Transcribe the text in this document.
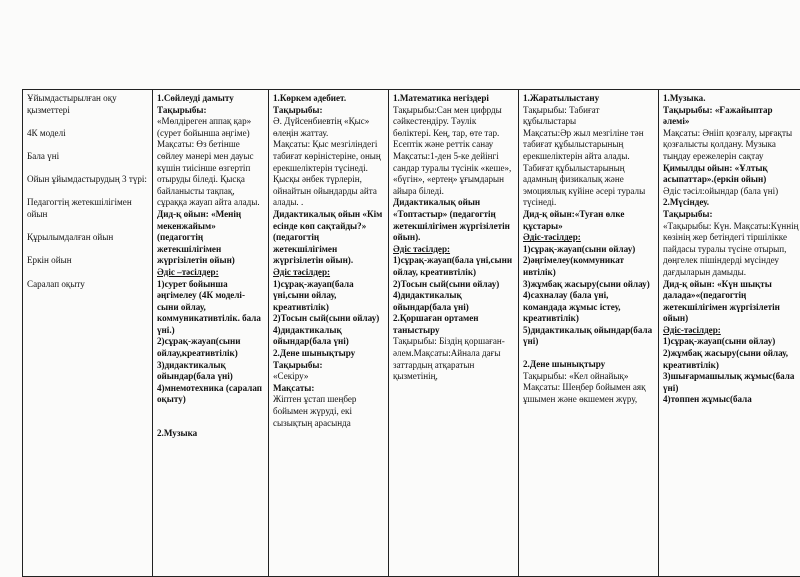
Ұйымдастырылған оқу қызметтері
4К моделі
Бала үні
Ойын ұйымдастырудың 3 түрі:
Педагогтің жетекшілігімен ойын
Құрылымдалған ойын
Еркін ойын
Саралап оқыту

1.Сөйлеуді дамыту
Тақырыбы:
«Мөлдіреген аппақ қар» (сурет бойынша әңгіме)
Мақсаты: Өз бетінше сөйлеу мәнері мен дауыс күшін тиісінше өзгертіп отыруды біледі. Қысқа байланысты тақпақ, сұраққа жауап айта алады.
Дид-қ ойын: «Менің мекенжайым» (педагогтің жетекшілігімен жүргізілетін ойын)
Әдіс –тәсілдер:
1)сурет бойынша әңгімелеу (4К моделі-сыни ойлау, коммуникативтілік. бала үні.)
2)сұрақ-жауап(сыни ойлау,креативтілік)
3)дидактикалық ойындар(бала үні)
4)мнемотехника (саралап оқыту)
2.Музыка

1.Көркем әдебиет.
Тақырыбы:
Ә. Дүйсенбиевтің «Қыс» өлеңін жаттау.
Мақсаты: Қыс мезгіліндегі табиғат көріністеріне, оның ерекшеліктерін түсінеді. Қысқы әнбек түрлерін, ойнайтын ойындарды айта алады. .
Дидактикалық ойын «Кім есінде көп сақтайды?» (педагогтің жетекшілігімен жүргізілетін ойын).
Әдіс тәсілдер:
1)сұрақ-жауап(бала үні,сыни ойлау, креативтілік)
2)Тосын сый(сыни ойлау)
4)дидактикалық ойындар(бала үні)
2.Дене шынықтыру
Тақырыбы:
«Секіру»
Мақсаты:
Жіптен ұстап шеңбер бойымен жүруді, екі сызықтың арасында

1.Математика негіздері
Тақырыбы:Сан мен цифрды сәйкестендіру. Тәулік бөліктері. Кең, тар, өте тар. Есептік және реттік санау
Мақсаты:1-ден 5-ке дейінгі сандар туралы түсінік «кеше», «бүгін», «ертең» ұғымдарын айыра біледі.
Дидактикалық ойын «Топтастыр» (педагогтің жетекшілігімен жүргізілетін ойын).
Әдіс тәсілдер:
1)сұрақ-жауап(бала үні,сыни ойлау, креативтілік)
2)Тосын сый(сыни ойлау)
4)дидактикалық ойындар(бала үні)
2.Қоршаған ортамен таныстыру
Тақырыбы: Біздің қоршаған-
әлем.Мақсаты:Айнала дағы заттардың атқаратын қызметінің,

1.Жаратылыстану
Тақырыбы: Табиғат құбылыстары
Мақсаты:Әр жыл мезгіліне тән табиғат құбылыстарының ерекшеліктерін айта алады.
Табиғат құбылыстарының адамның физикалық және эмоциялық күйіне әсері туралы түсінеді.
Дид-қ ойын:«Туған өлке құстары»
Әдіс-тәсілдер:
1)сұрақ-жауап(сыни ойлау)
2)әңгімелеу(коммуникат ивтілік)
3)жұмбақ жасыру(сыни ойлау)
4)сахналау (бала үні, командада жұмыс істеу, креативтілік)
5)дидактикалық ойындар(бала үні)
2.Дене шынықтыру
Тақырыбы: «Кел ойнайық»
Мақсаты: Шеңбер бойымен аяқ ұшымен және өкшемен жүру,

1.Музыка.
Тақырыбы: «Ғажайыптар әлемі»
Мақсаты: Әнііп қозғалу, ырғақты қозғалысты қолдану. Музыка тыңдау ережелерін сақтау
Қимылды ойын: «Ұлтық асыпаттар».(еркін ойын)
Әдіс тәсіл:ойындар (бала үні)
2.Мүсіндеу.
Тақырыбы:
«Тақырыбы: Күн. Мақсаты:Күннің көзінің жер бетіндегі тіршілікке пайдасы туралы түсіне отырып, дөңгелек пішіндерді мүсіндеу дағдыларын дамыды.
Дид-қ ойын: «Күн шықты далада»«(педагогтің жетекшілігімен жүргізілетін ойын)
Әдіс-тәсілдер:
1)сұрақ-жауап(сыни ойлау)
2)жұмбақ жасыру(сыни ойлау, креативтілік)
3)шығармашылық жұмыс(бала үні)
4)топпен жұмыс(бала
